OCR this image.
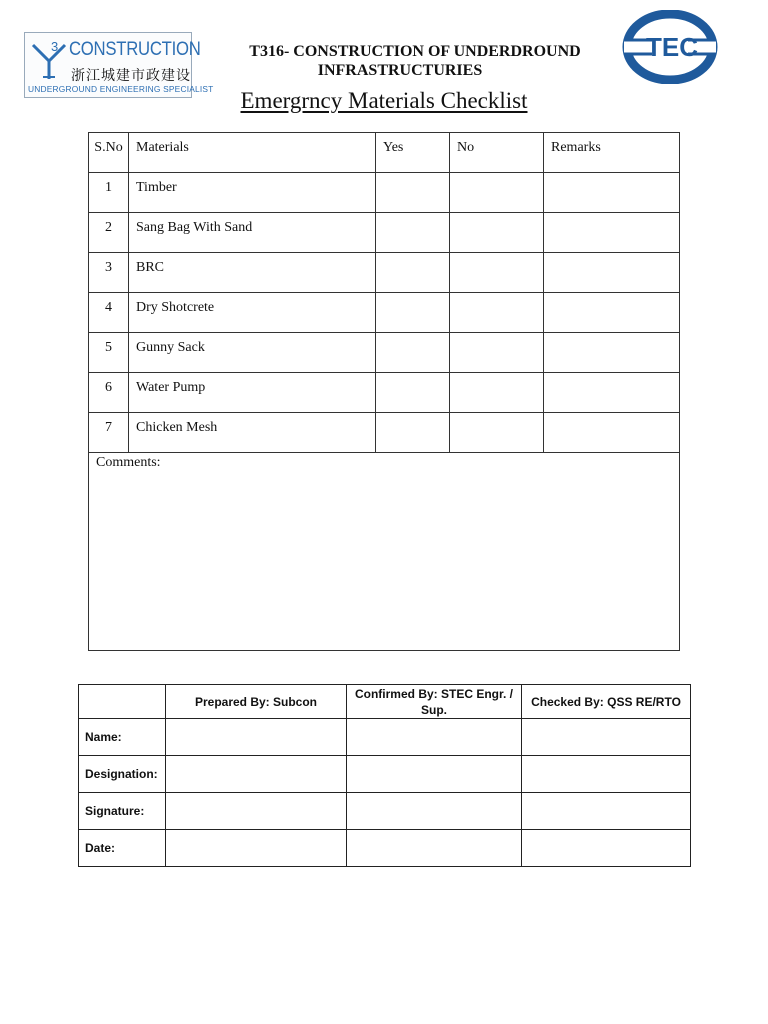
3 CONSTRUCTION
浙江城建市政建设
UNDERGROUND ENGINEERING SPECIALIST
T316- CONSTRUCTION OF UNDERDROUND
INFRASTRUCTURIES
Emergrncy Materials Checklist
TEC
S.No	Materials	Yes	No	Remarks
1	Timber			
2	Sang Bag With Sand			
3	BRC			
4	Dry Shotcrete			
5	Gunny Sack			
6	Water Pump			
7	Chicken Mesh			
Comments:				
	Prepared By: Subcon	Confirmed By: STEC Engr. / Sup.	Checked By: QSS RE/RTO
Name:			
Designation:			
Signature:			
Date:			
